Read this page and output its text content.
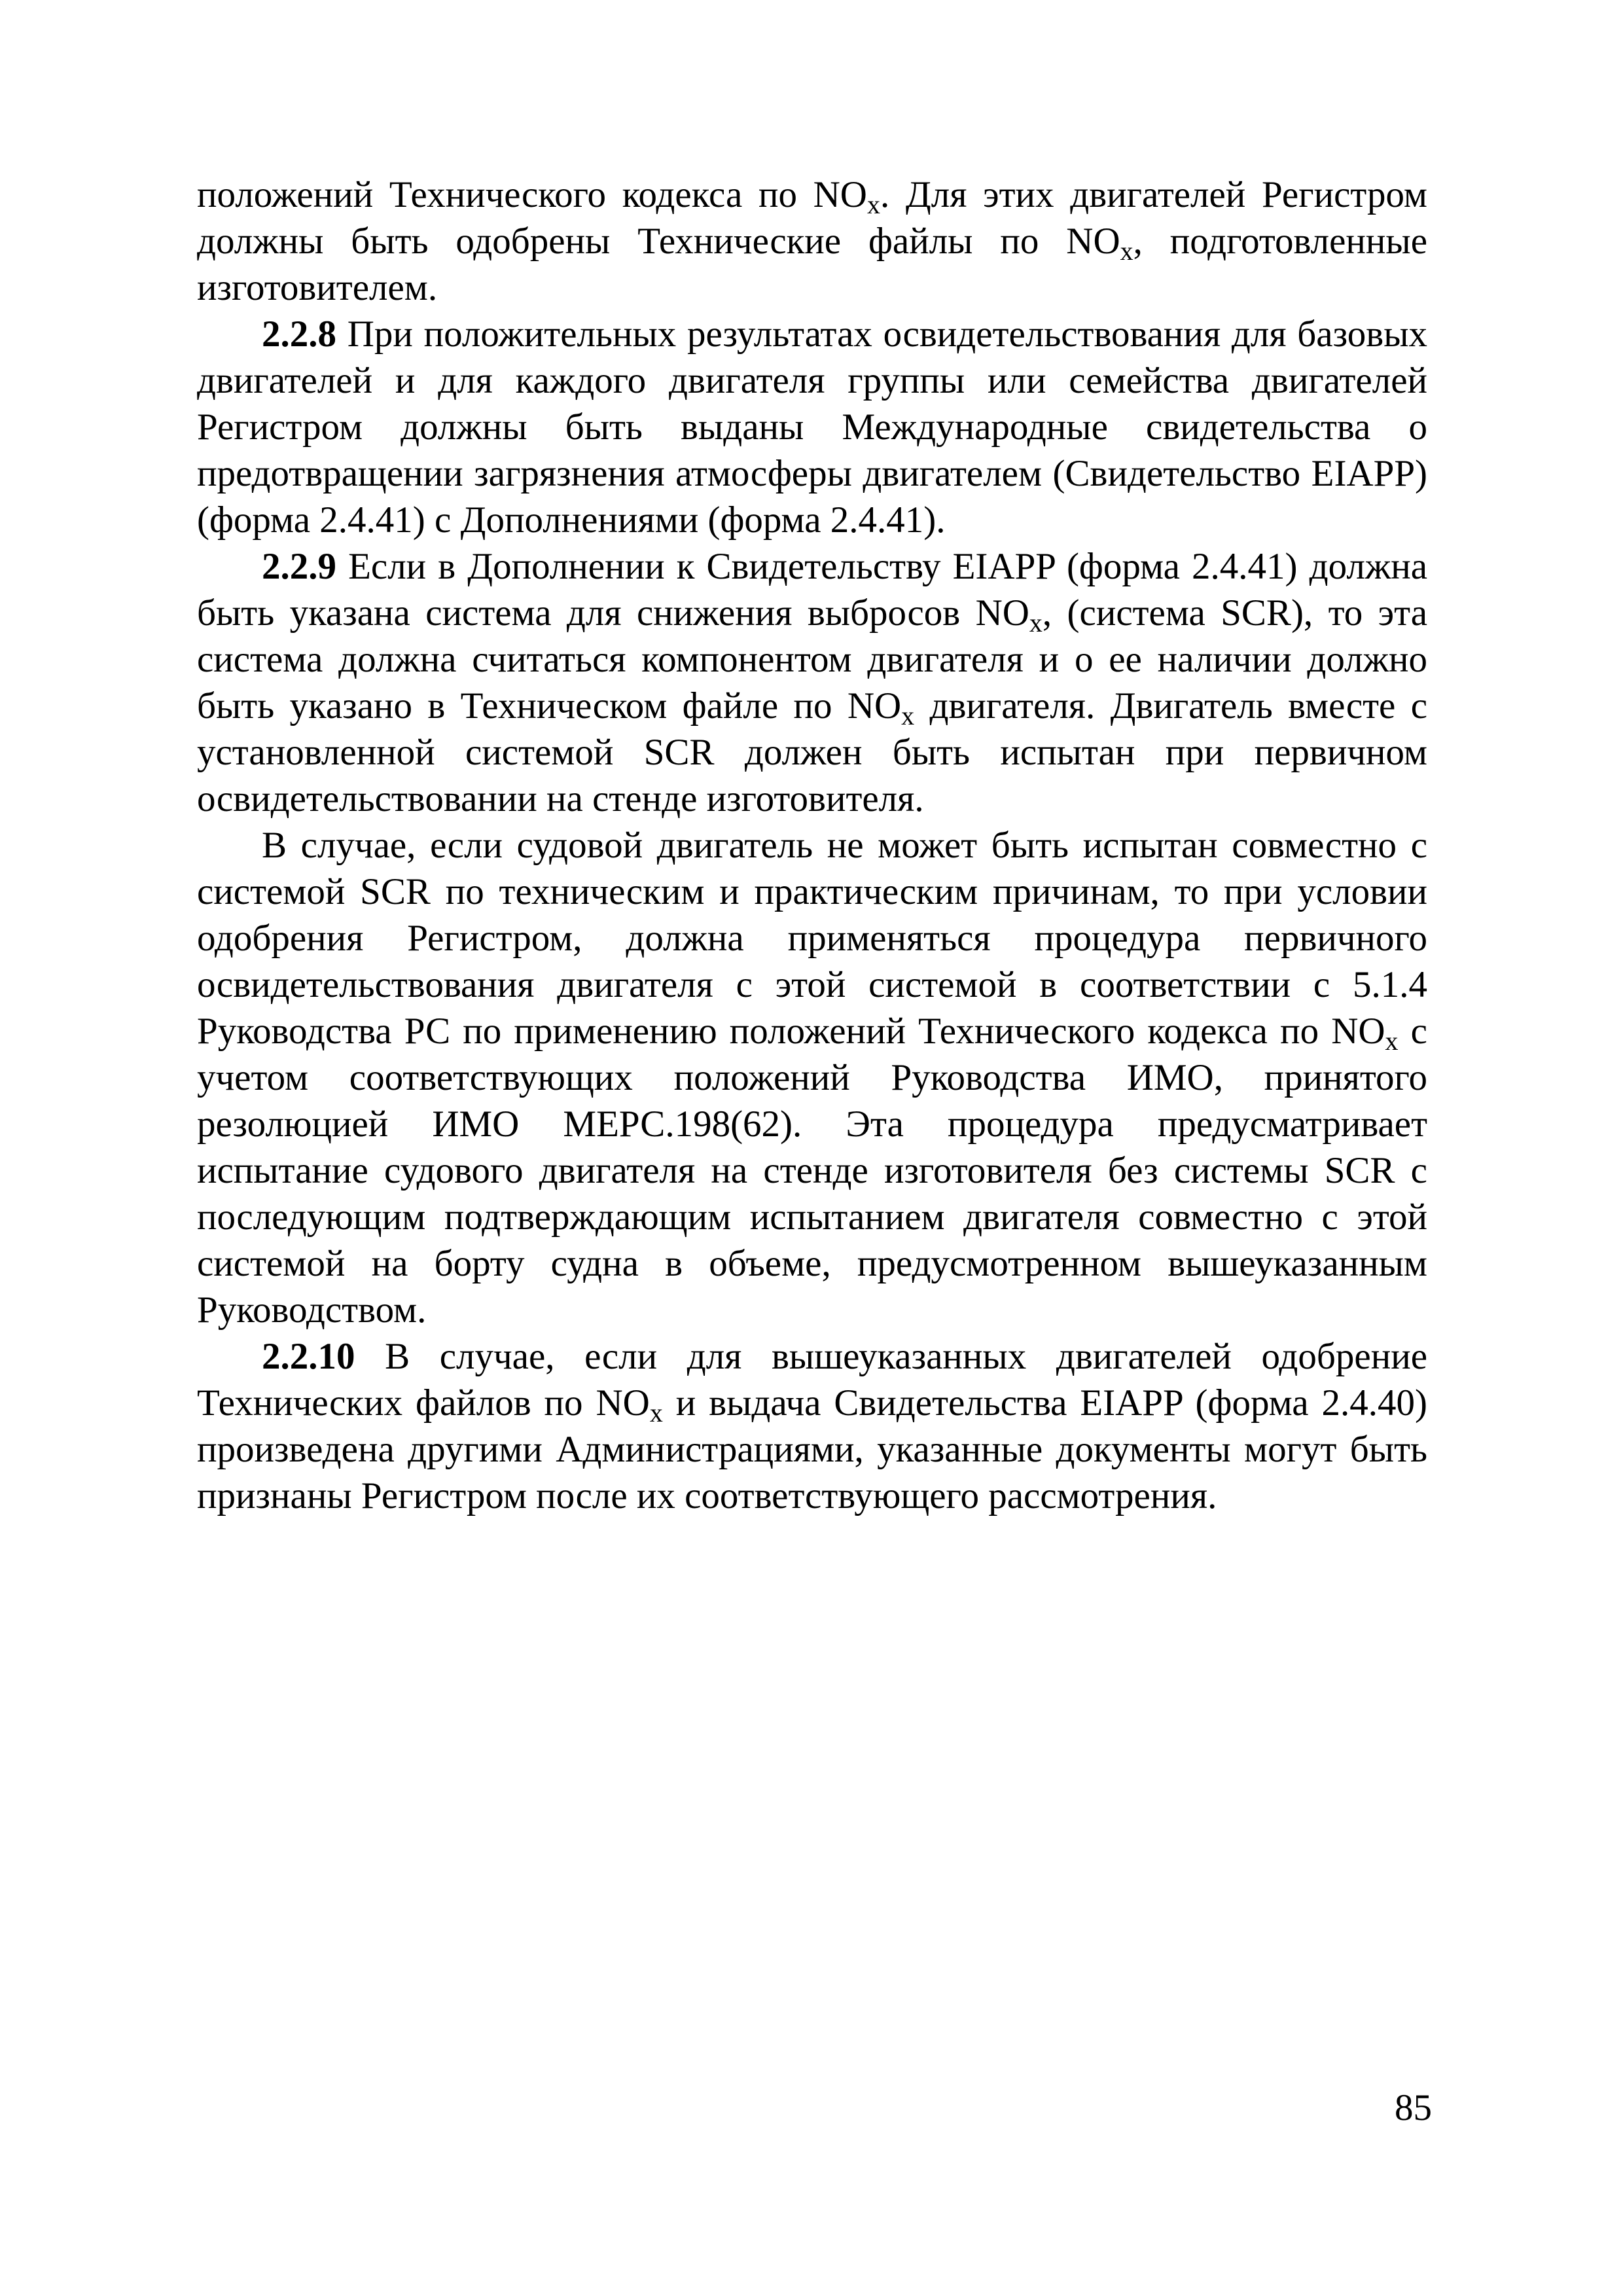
положений Технического кодекса по $NO_x$. Для этих двигателей Регистром должны быть одобрены Технические файлы по $NO_x$, подготовленные изготовителем.

2.2.8 При положительных результатах освидетельствования для базовых двигателей и для каждого двигателя группы или семейства двигателей Регистром должны быть выданы Международные свидетельства о предотвращении загрязнения атмосферы двигателем (Свидетельство EIAPP) (форма 2.4.41) с Дополнениями (форма 2.4.41).

2.2.9 Если в Дополнении к Свидетельству EIAPP (форма 2.4.41) должна быть указана система для снижения выбросов $NO_x$, (система SCR), то эта система должна считаться компонентом двигателя и о ее наличии должно быть указано в Техническом файле по $NO_x$ двигателя. Двигатель вместе с установленной системой SCR должен быть испытан при первичном освидетельствовании на стенде изготовителя.

В случае, если судовой двигатель не может быть испытан совместно с системой SCR по техническим и практическим причинам, то при условии одобрения Регистром, должна применяться процедура первичного освидетельствования двигателя с этой системой в соответствии с 5.1.4 Руководства РС по применению положений Технического кодекса по $NO_x$ с учетом соответствующих положений Руководства ИМО, принятого резолюцией ИМО МЕРС.198(62). Эта процедура предусматривает испытание судового двигателя на стенде изготовителя без системы SCR с последующим подтверждающим испытанием двигателя совместно с этой системой на борту судна в объеме, предусмотренном вышеуказанным Руководством.

2.2.10 В случае, если для вышеуказанных двигателей одобрение Технических файлов по $NO_x$ и выдача Свидетельства EIAPP (форма 2.4.40) произведена другими Администрациями, указанные документы могут быть признаны Регистром после их соответствующего рассмотрения.

85
